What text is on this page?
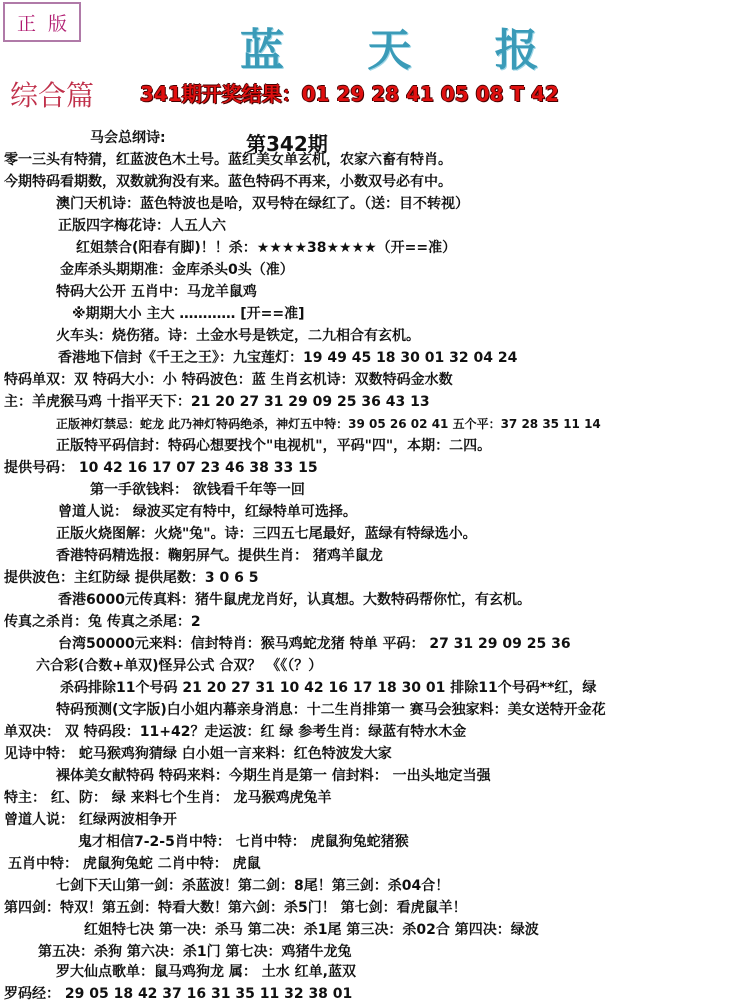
正 版
蓝 天 报
综合篇 341期开奖结果：01 29 28 41 05 08 T 42
第342期
马会总纲诗:
零一三头有特猜，红蓝波色木土号。蓝红美女单玄机，农家六畜有特肖。
今期特码看期数，双数就狗没有来。蓝色特码不再来，小数双号必有中。
澳门天机诗：蓝色特波也是哈，双号特在绿红了。（送：目不转视）
正版四字梅花诗：人五人六
红姐禁合(阳春有脚)！！杀：★★★★38★★★★（开==准）
金库杀头期期准：金库杀头0头（准）
特码大公开 五肖中：马龙羊鼠鸡
※期期大小 主大 ………… [开==准]
火车头：烧伤猪。诗：土金水号是铁定，二九相合有玄机。
香港地下信封《千王之王》：九宝莲灯：19 49 45 18 30 01 32 04 24
特码单双：双 特码大小：小 特码波色：蓝 生肖玄机诗：双数特码金水数
主：羊虎猴马鸡 十指平天下：21 20 27 31 29 09 25 36 43 13
正版神灯禁忌：蛇龙 此乃神灯特码绝杀，神灯五中特：39 05 26 02 41 五个平：37 28 35 11 14
正版特平码信封：特码心想要找个"电视机"，平码"四"，本期：二四。
提供号码： 10 42 16 17 07 23 46 38 33 15
第一手欲钱料： 欲钱看千年等一回
曾道人说： 绿波买定有特中，红绿特单可选择。
正版火烧图解：火烧"兔"。诗：三四五七尾最好，蓝绿有特绿选小。
香港特码精选报：鞠躬屏气。提供生肖： 猪鸡羊鼠龙
提供波色：主红防绿 提供尾数：3 0 6 5
香港6000元传真料：猪牛鼠虎龙肖好，认真想。大数特码帮你忙，有玄机。
传真之杀肖：兔 传真之杀尾：2
台湾50000元来料：信封特肖：猴马鸡蛇龙猪 特单 平码： 27 31 29 09 25 36
六合彩(合数+单双)怪异公式 合双？ 《《（？）
杀码排除11个号码 21 20 27 31 10 42 16 17 18 30 01 排除11个号码**红，绿
特码预测(文字版)白小姐内幕亲身消息：十二生肖排第一 赛马会独家料：美女送特开金花
单双决： 双 特码段：11+42？走运波：红 绿 参考生肖：绿蓝有特水木金
见诗中特： 蛇马猴鸡狗猜绿 白小姐一言来料：红色特波发大家
裸体美女献特码 特码来料：今期生肖是第一 信封料： 一出头地定当强
特主： 红、防： 绿 来料七个生肖： 龙马猴鸡虎兔羊
曾道人说： 红绿两波相争开
鬼才相信7-2-5肖中特： 七肖中特： 虎鼠狗兔蛇猪猴
五肖中特： 虎鼠狗兔蛇 二肖中特： 虎鼠
七剑下天山第一剑：杀蓝波！第二剑：8尾！第三剑：杀04合！
第四剑：特双！第五剑：特看大数！第六剑：杀5门！ 第七剑：看虎鼠羊！
红姐特七决 第一决：杀马 第二决：杀1尾 第三决：杀02合 第四决：绿波
第五决：杀狗 第六决：杀1门 第七决：鸡猪牛龙兔
罗大仙点歌单：鼠马鸡狗龙 属： 土水 红单,蓝双
罗码经： 29 05 18 42 37 16 31 35 11 32 38 01
